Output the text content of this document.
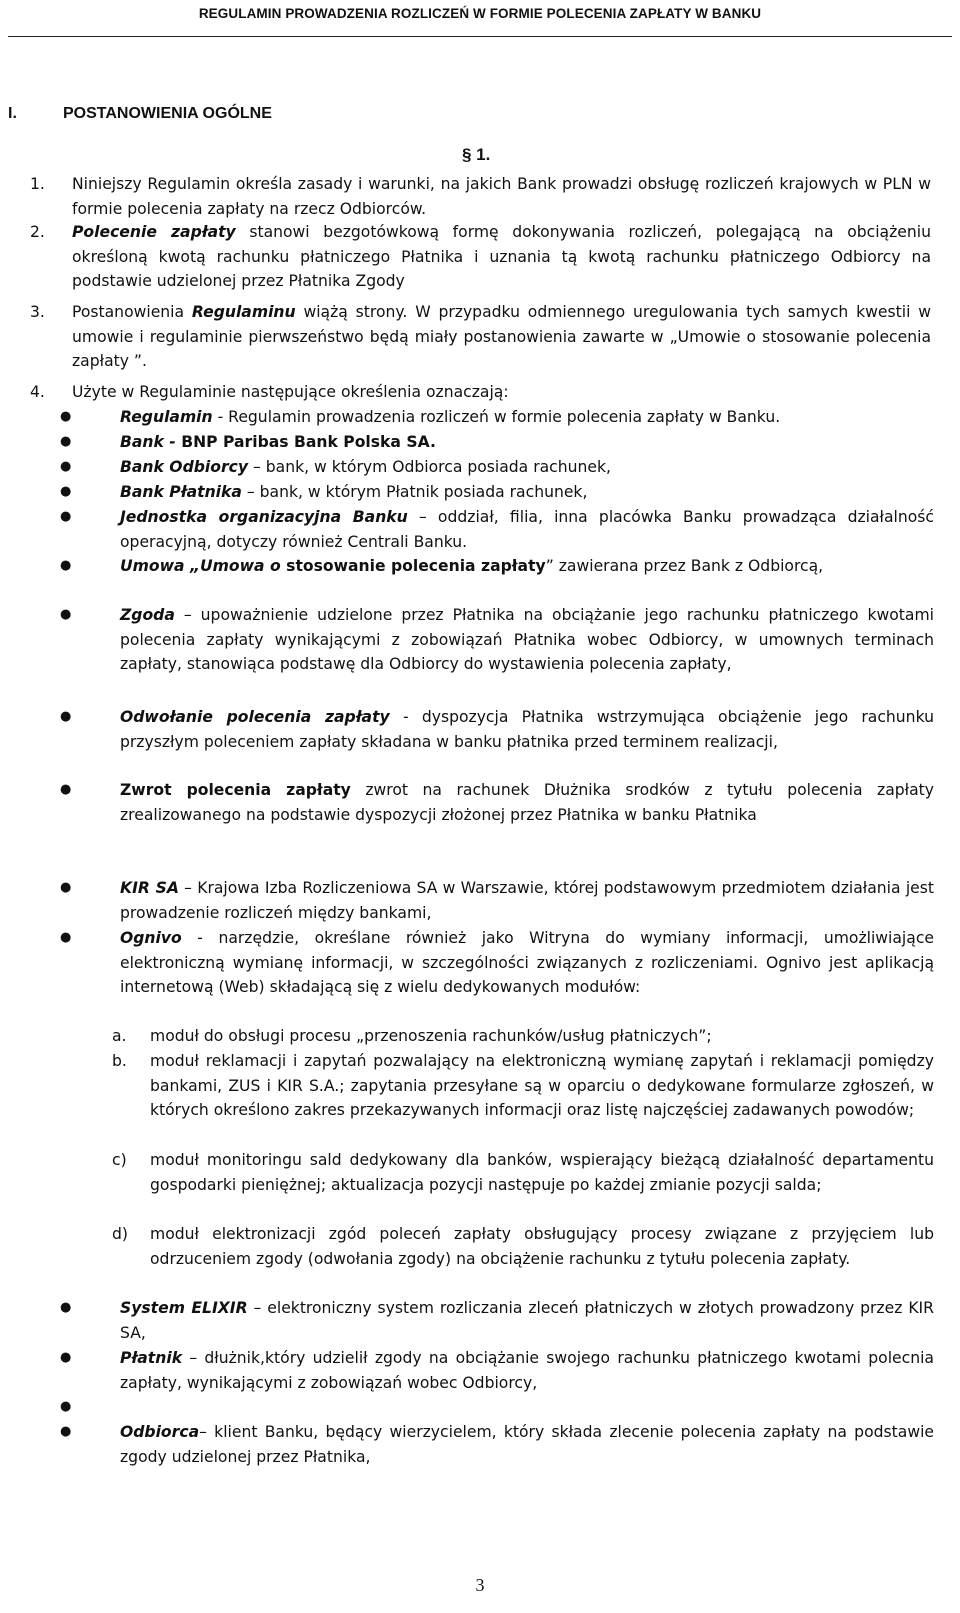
REGULAMIN PROWADZENIA ROZLICZEŃ W FORMIE POLECENIA ZAPŁATY W BANKU
I.	POSTANOWIENIA OGÓLNE
§ 1.
1. Niniejszy Regulamin określa zasady i warunki, na jakich Bank prowadzi obsługę rozliczeń krajowych w PLN w formie polecenia zapłaty na rzecz Odbiorców.
2. Polecenie zapłaty stanowi bezgotówkową formę dokonywania rozliczeń, polegającą na obciążeniu określoną kwotą rachunku płatniczego Płatnika i uznania tą kwotą rachunku płatniczego Odbiorcy na podstawie udzielonej przez Płatnika Zgody
3. Postanowienia Regulaminu wiążą strony. W przypadku odmiennego uregulowania tych samych kwestii w umowie i regulaminie pierwszeństwo będą miały postanowienia zawarte w „Umowie o stosowanie polecenia zapłaty ”.
4. Użyte w Regulaminie następujące określenia oznaczają:
●	Regulamin - Regulamin prowadzenia rozliczeń w formie polecenia zapłaty w Banku.
●	Bank - BNP Paribas Bank Polska SA.
●	Bank Odbiorcy – bank, w którym Odbiorca posiada rachunek,
●	Bank Płatnika – bank, w którym Płatnik posiada rachunek,
●	Jednostka organizacyjna Banku – oddział, filia, inna placówka Banku prowadząca działalność operacyjną, dotyczy również Centrali Banku.
●	Umowa „Umowa o stosowanie polecenia zapłaty” zawierana przez Bank z Odbiorcą,
●	Zgoda – upoważnienie udzielone przez Płatnika na obciążanie jego rachunku płatniczego kwotami polecenia zapłaty wynikającymi z zobowiązań Płatnika wobec Odbiorcy, w umownych terminach zapłaty, stanowiąca podstawę dla Odbiorcy do wystawienia polecenia zapłaty,
●	Odwołanie polecenia zapłaty - dyspozycja Płatnika wstrzymująca obciążenie jego rachunku przyszłym poleceniem zapłaty składana w banku płatnika przed terminem realizacji,
●	Zwrot polecenia zapłaty zwrot na rachunek Dłużnika srodków z tytułu polecenia zapłaty zrealizowanego na podstawie dyspozycji złożonej przez Płatnika w banku Płatnika
●	KIR SA – Krajowa Izba Rozliczeniowa SA w Warszawie, której podstawowym przedmiotem działania jest prowadzenie rozliczeń między bankami,
●	Ognivo - narzędzie, określane również jako Witryna do wymiany informacji, umożliwiające elektroniczną wymianę informacji, w szczególności związanych z rozliczeniami. Ognivo jest aplikacją internetową (Web) składającą się z wielu dedykowanych modułów:
a. moduł do obsługi procesu „przenoszenia rachunków/usług płatniczych”;
b. moduł reklamacji i zapytań pozwalający na elektroniczną wymianę zapytań i reklamacji pomiędzy bankami, ZUS i KIR S.A.; zapytania przesyłane są w oparciu o dedykowane formularze zgłoszeń, w których określono zakres przekazywanych informacji oraz listę najczęściej zadawanych powodów;
c) moduł monitoringu sald dedykowany dla banków, wspierający bieżącą działalność departamentu gospodarki pieniężnej; aktualizacja pozycji następuje po każdej zmianie pozycji salda;
d) moduł elektronizacji zgód poleceń zapłaty obsługujący procesy związane z przyjęciem lub odrzuceniem zgody (odwołania zgody) na obciążenie rachunku z tytułu polecenia zapłaty.
●	System ELIXIR – elektroniczny system rozliczania zleceń płatniczych w złotych prowadzony przez KIR SA,
●	Płatnik – dłużnik,który udzielił zgody na obciążanie swojego rachunku płatniczego kwotami polecnia zapłaty, wynikającymi z zobowiązań wobec Odbiorcy,
●
●	Odbiorca– klient Banku, będący wierzycielem, który składa zlecenie polecenia zapłaty na podstawie zgody udzielonej przez Płatnika,
3
